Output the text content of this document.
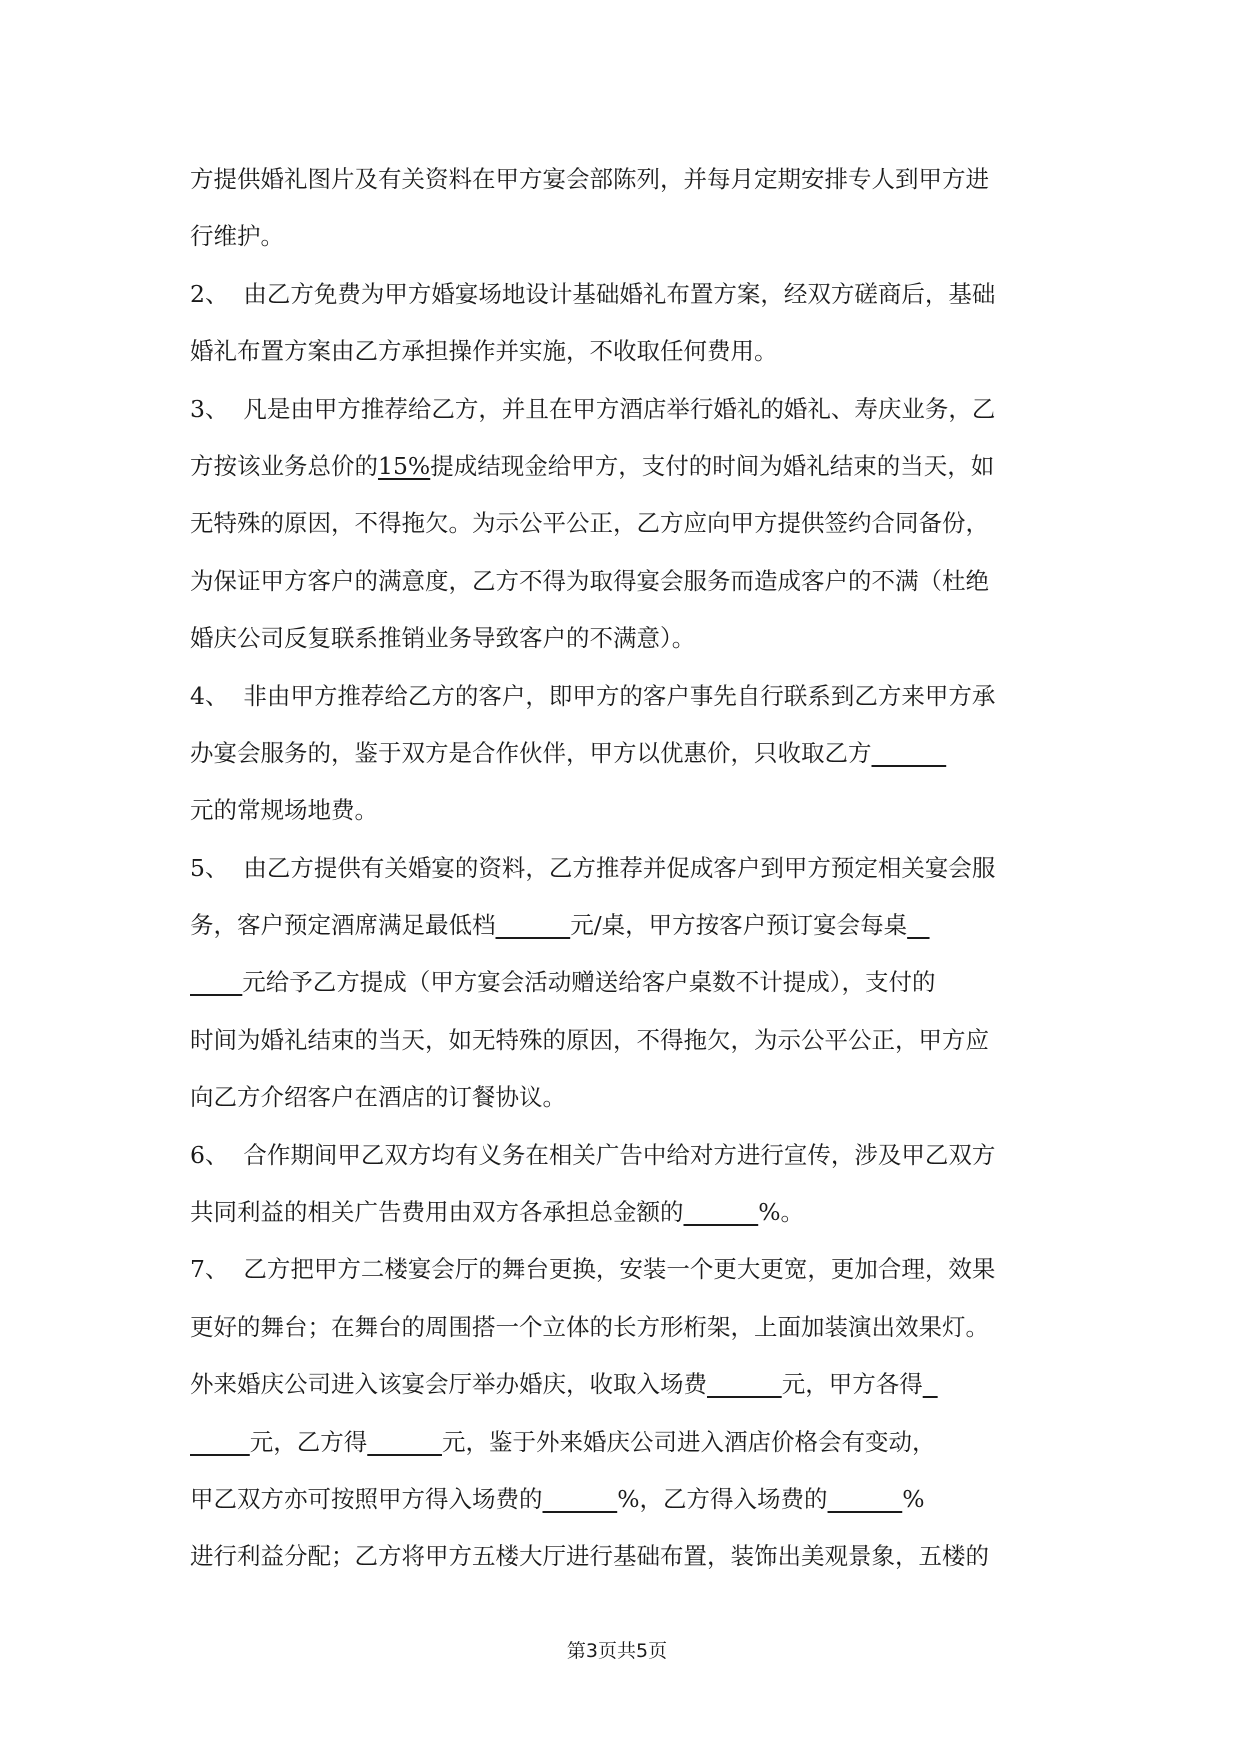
方提供婚礼图片及有关资料在甲方宴会部陈列，并每月定期安排专人到甲方进
行维护。
2、  由乙方免费为甲方婚宴场地设计基础婚礼布置方案，经双方磋商后，基础
婚礼布置方案由乙方承担操作并实施，不收取任何费用。
3、  凡是由甲方推荐给乙方，并且在甲方酒店举行婚礼的婚礼、寿庆业务，乙
方按该业务总价的15%提成结现金给甲方，支付的时间为婚礼结束的当天，如
无特殊的原因，不得拖欠。为示公平公正，乙方应向甲方提供签约合同备份，
为保证甲方客户的满意度，乙方不得为取得宴会服务而造成客户的不满（杜绝
婚庆公司反复联系推销业务导致客户的不满意）。
4、  非由甲方推荐给乙方的客户，即甲方的客户事先自行联系到乙方来甲方承
办宴会服务的，鉴于双方是合作伙伴，甲方以优惠价，只收取乙方
元的常规场地费。
5、  由乙方提供有关婚宴的资料，乙方推荐并促成客户到甲方预定相关宴会服
务，客户预定酒席满足最低档	元/桌，甲方按客户预订宴会每桌
元给予乙方提成（甲方宴会活动赠送给客户桌数不计提成），支付的
时间为婚礼结束的当天，如无特殊的原因，不得拖欠，为示公平公正，甲方应
向乙方介绍客户在酒店的订餐协议。
6、  合作期间甲乙双方均有义务在相关广告中给对方进行宣传，涉及甲乙双方
共同利益的相关广告费用由双方各承担总金额的	%。
7、  乙方把甲方二楼宴会厅的舞台更换，安装一个更大更宽，更加合理，效果
更好的舞台；在舞台的周围搭一个立体的长方形桁架，上面加装演出效果灯。
外来婚庆公司进入该宴会厅举办婚庆，收取入场费	元，甲方各得
元，乙方得	元，鉴于外来婚庆公司进入酒店价格会有变动，
甲乙双方亦可按照甲方得入场费的	%，乙方得入场费的	%
进行利益分配；乙方将甲方五楼大厅进行基础布置，装饰出美观景象，五楼的
第3页共5页
